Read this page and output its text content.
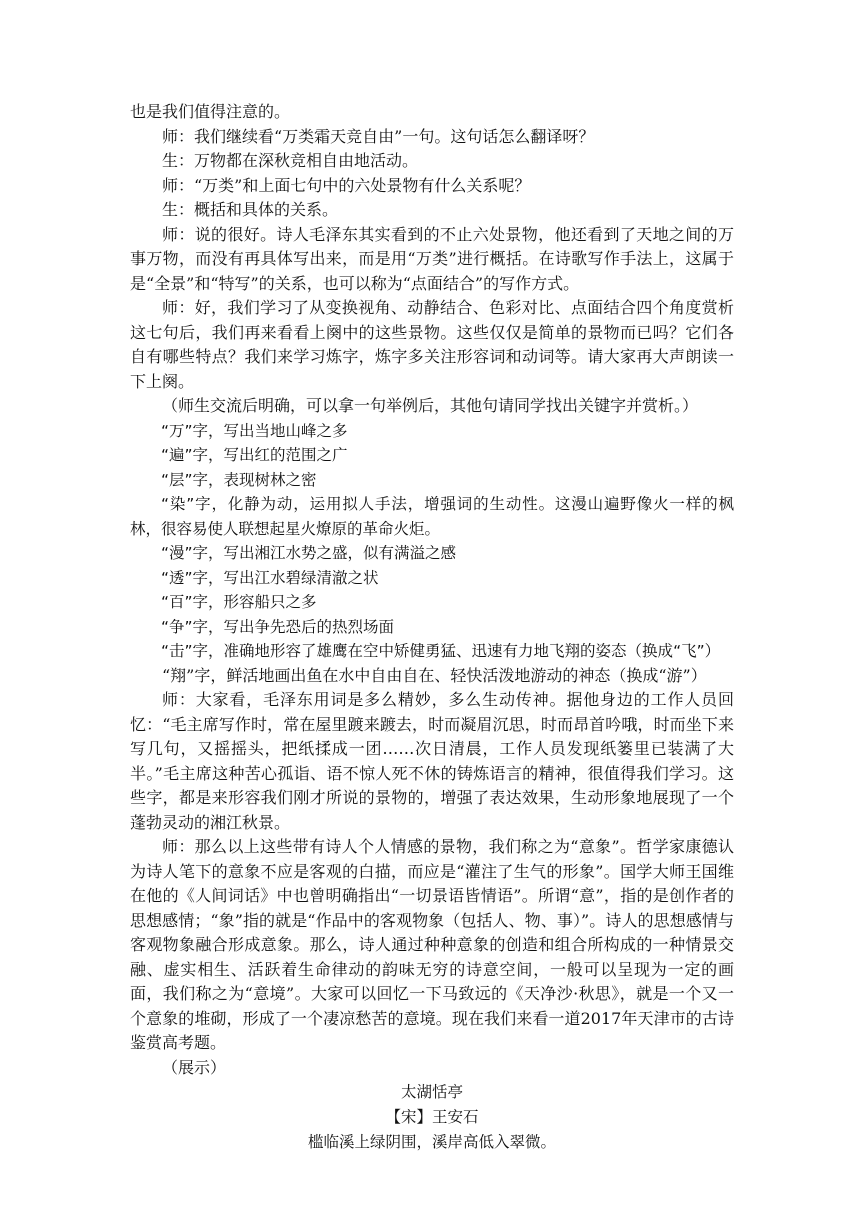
也是我们值得注意的。

师：我们继续看“万类霜天竞自由”一句。这句话怎么翻译呀？

生：万物都在深秋竞相自由地活动。

师：“万类”和上面七句中的六处景物有什么关系呢？

生：概括和具体的关系。

师：说的很好。诗人毛泽东其实看到的不止六处景物，他还看到了天地之间的万事万物，而没有再具体写出来，而是用“万类”进行概括。在诗歌写作手法上，这属于是“全景”和“特写”的关系，也可以称为“点面结合”的写作方式。

师：好，我们学习了从变换视角、动静结合、色彩对比、点面结合四个角度赏析这七句后，我们再来看看上阕中的这些景物。这些仅仅是简单的景物而已吗？它们各自有哪些特点？我们来学习炼字，炼字多关注形容词和动词等。请大家再大声朗读一下上阕。

（师生交流后明确，可以拿一句举例后，其他句请同学找出关键字并赏析。）

“万”字，写出当地山峰之多

“遍”字，写出红的范围之广

“层”字，表现树林之密

“染”字，化静为动，运用拟人手法，增强词的生动性。这漫山遍野像火一样的枫林，很容易使人联想起星火燎原的革命火炬。

“漫”字，写出湘江水势之盛，似有满溢之感

“透”字，写出江水碧绿清澈之状

“百”字，形容船只之多

“争”字，写出争先恐后的热烈场面

“击”字，准确地形容了雄鹰在空中矫健勇猛、迅速有力地飞翔的姿态（换成“飞”）

“翔”字，鲜活地画出鱼在水中自由自在、轻快活泼地游动的神态（换成“游”）

师：大家看，毛泽东用词是多么精妙，多么生动传神。据他身边的工作人员回忆：“毛主席写作时，常在屋里踱来踱去，时而凝眉沉思，时而昂首吟哦，时而坐下来写几句，又摇摇头，把纸揉成一团……次日清晨，工作人员发现纸篓里已装满了大半。”毛主席这种苦心孤诣、语不惊人死不休的铸炼语言的精神，很值得我们学习。这些字，都是来形容我们刚才所说的景物的，增强了表达效果，生动形象地展现了一个蓬勃灵动的湘江秋景。

师：那么以上这些带有诗人个人情感的景物，我们称之为“意象”。哲学家康德认为诗人笔下的意象不应是客观的白描，而应是“灌注了生气的形象”。国学大师王国维在他的《人间词话》中也曾明确指出“一切景语皆情语”。所谓“意”，指的是创作者的思想感情；“象”指的就是“作品中的客观物象（包括人、物、事）”。诗人的思想感情与客观物象融合形成意象。那么，诗人通过种种意象的创造和组合所构成的一种情景交融、虚实相生、活跃着生命律动的韵味无穷的诗意空间，一般可以呈现为一定的画面，我们称之为“意境”。大家可以回忆一下马致远的《天净沙·秋思》，就是一个又一个意象的堆砌，形成了一个凄凉愁苦的意境。现在我们来看一道2017年天津市的古诗鉴赏高考题。

（展示）

太湖恬亭

【宋】王安石

槛临溪上绿阴围，溪岸高低入翠微。
